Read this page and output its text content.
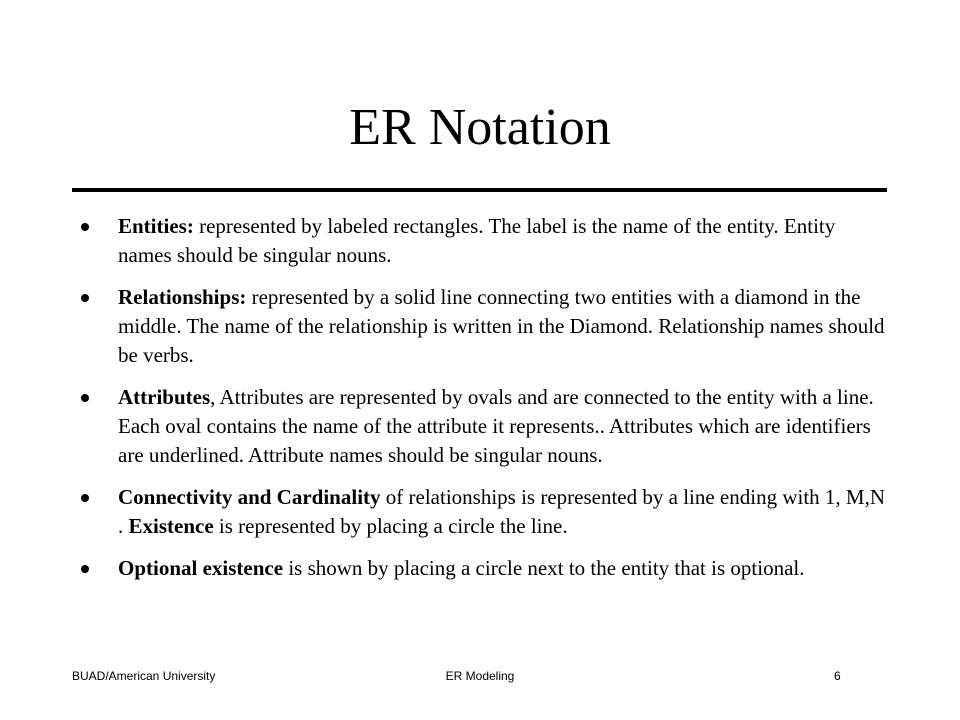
ER Notation
Entities: represented by labeled rectangles. The label is the name of the entity. Entity names should be singular nouns.
Relationships: represented by a solid line connecting two entities with a diamond in the middle. The name of the relationship is written in the Diamond. Relationship names should be verbs.
Attributes, Attributes are represented by ovals and are connected to the entity with a line. Each oval contains the name of the attribute it represents.. Attributes which are identifiers are underlined. Attribute names should be singular nouns.
Connectivity and Cardinality of relationships is represented by a line ending with 1, M,N . Existence is represented by placing a circle the line.
Optional existence is shown by placing a circle next to the entity that is optional.
BUAD/American University	ER Modeling	6
